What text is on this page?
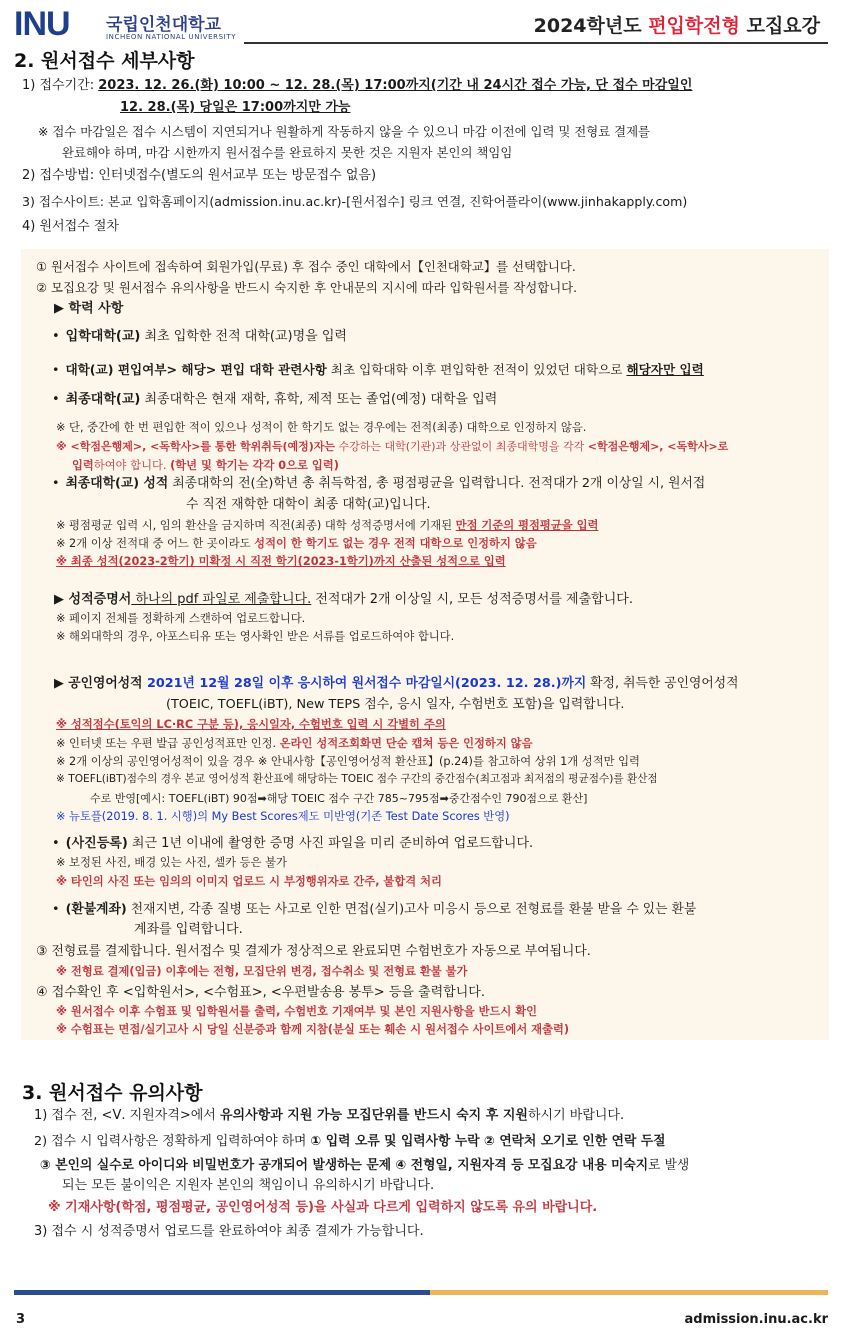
INU 국립인천대학교
INCHEON NATIONAL UNIVERSITY	2024학년도 편입학전형 모집요강
2. 원서접수 세부사항
1) 접수기간: 2023. 12. 26.(화) 10:00 ~ 12. 28.(목) 17:00까지(기간 내 24시간 접수 가능, 단 접수 마감일인
12. 28.(목) 당일은 17:00까지만 가능
※ 접수 마감일은 접수 시스템이 지연되거나 원활하게 작동하지 않을 수 있으니 마감 이전에 입력 및 전형료 결제를
완료해야 하며, 마감 시한까지 원서접수를 완료하지 못한 것은 지원자 본인의 책임임
2) 접수방법: 인터넷접수(별도의 원서교부 또는 방문접수 없음)
3) 접수사이트: 본교 입학홈페이지(admission.inu.ac.kr)-[원서접수] 링크 연결, 진학어플라이(www.jinhakapply.com)
4) 원서접수 절차
① 원서접수 사이트에 접속하여 회원가입(무료) 후 접수 중인 대학에서【인천대학교】를 선택합니다.
② 모집요강 및 원서접수 유의사항을 반드시 숙지한 후 안내문의 지시에 따라 입학원서를 작성합니다.
▶ 학력 사항
• 입학대학(교) 최초 입학한 전적 대학(교)명을 입력
• 대학(교) 편입여부> 해당> 편입 대학 관련사항 최초 입학대학 이후 편입학한 전적이 있었던 대학으로 해당자만 입력
• 최종대학(교) 최종대학은 현재 재학, 휴학, 제적 또는 졸업(예정) 대학을 입력
※ 단, 중간에 한 번 편입한 적이 있으나 성적이 한 학기도 없는 경우에는 전적(최종) 대학으로 인정하지 않음.
※ <학점은행제>, <독학사>를 통한 학위취득(예정)자는 수강하는 대학(기관)과 상관없이 최종대학명을 각각 <학점은행제>, <독학사>로
입력하여야 합니다. (학년 및 학기는 각각 0으로 입력)
• 최종대학(교) 성적 최종대학의 전(全)학년 총 취득학점, 총 평점평균을 입력합니다. 전적대가 2개 이상일 시, 원서접
수 직전 재학한 대학이 최종 대학(교)입니다.
※ 평점평균 입력 시, 임의 환산을 금지하며 직전(최종) 대학 성적증명서에 기재된 만점 기준의 평점평균을 입력
※ 2개 이상 전적대 중 어느 한 곳이라도 성적이 한 학기도 없는 경우 전적 대학으로 인정하지 않음
※ 최종 성적(2023-2학기) 미확정 시 직전 학기(2023-1학기)까지 산출된 성적으로 입력
▶ 성적증명서 하나의 pdf 파일로 제출합니다. 전적대가 2개 이상일 시, 모든 성적증명서를 제출합니다.
※ 페이지 전체를 정확하게 스캔하여 업로드합니다.
※ 해외대학의 경우, 아포스티유 또는 영사확인 받은 서류를 업로드하여야 합니다.
▶ 공인영어성적 2021년 12월 28일 이후 응시하여 원서접수 마감일시(2023. 12. 28.)까지 확정, 취득한 공인영어성적
(TOEIC, TOEFL(iBT), New TEPS 점수, 응시 일자, 수험번호 포함)을 입력합니다.
※ 성적점수(토익의 LC·RC 구분 등), 응시일자, 수험번호 입력 시 각별히 주의
※ 인터넷 또는 우편 발급 공인성적표만 인정. 온라인 성적조회화면 단순 캡쳐 등은 인정하지 않음
※ 2개 이상의 공인영어성적이 있을 경우 ※ 안내사항【공인영어성적 환산표】(p.24)를 참고하여 상위 1개 성적만 입력
※ TOEFL(iBT)점수의 경우 본교 영어성적 환산표에 해당하는 TOEIC 점수 구간의 중간점수(최고점과 최저점의 평균점수)를 환산점
수로 반영[예시: TOEFL(iBT) 90점➡해당 TOEIC 점수 구간 785~795점➡중간점수인 790점으로 환산]
※ 뉴토플(2019. 8. 1. 시행)의 My Best Scores제도 미반영(기존 Test Date Scores 반영)
• (사진등록) 최근 1년 이내에 촬영한 증명 사진 파일을 미리 준비하여 업로드합니다.
※ 보정된 사진, 배경 있는 사진, 셀카 등은 불가
※ 타인의 사진 또는 임의의 이미지 업로드 시 부정행위자로 간주, 불합격 처리
• (환불계좌) 천재지변, 각종 질병 또는 사고로 인한 면접(실기)고사 미응시 등으로 전형료를 환불 받을 수 있는 환불
계좌를 입력합니다.
③ 전형료를 결제합니다. 원서접수 및 결제가 정상적으로 완료되면 수험번호가 자동으로 부여됩니다.
※ 전형료 결제(입금) 이후에는 전형, 모집단위 변경, 접수취소 및 전형료 환불 불가
④ 접수확인 후 <입학원서>, <수험표>, <우편발송용 봉투> 등을 출력합니다.
※ 원서접수 이후 수험표 및 입학원서를 출력, 수험번호 기재여부 및 본인 지원사항을 반드시 확인
※ 수험표는 면접/실기고사 시 당일 신분증과 함께 지참(분실 또는 훼손 시 원서접수 사이트에서 재출력)
3. 원서접수 유의사항
1) 접수 전, <Ⅴ. 지원자격>에서 유의사항과 지원 가능 모집단위를 반드시 숙지 후 지원하시기 바랍니다.
2) 접수 시 입력사항은 정확하게 입력하여야 하며 ① 입력 오류 및 입력사항 누락 ② 연락처 오기로 인한 연락 두절
③ 본인의 실수로 아이디와 비밀번호가 공개되어 발생하는 문제 ④ 전형일, 지원자격 등 모집요강 내용 미숙지로 발생
되는 모든 불이익은 지원자 본인의 책임이니 유의하시기 바랍니다.
※ 기재사항(학점, 평점평균, 공인영어성적 등)을 사실과 다르게 입력하지 않도록 유의 바랍니다.
3) 접수 시 성적증명서 업로드를 완료하여야 최종 결제가 가능합니다.
3	admission.inu.ac.kr
